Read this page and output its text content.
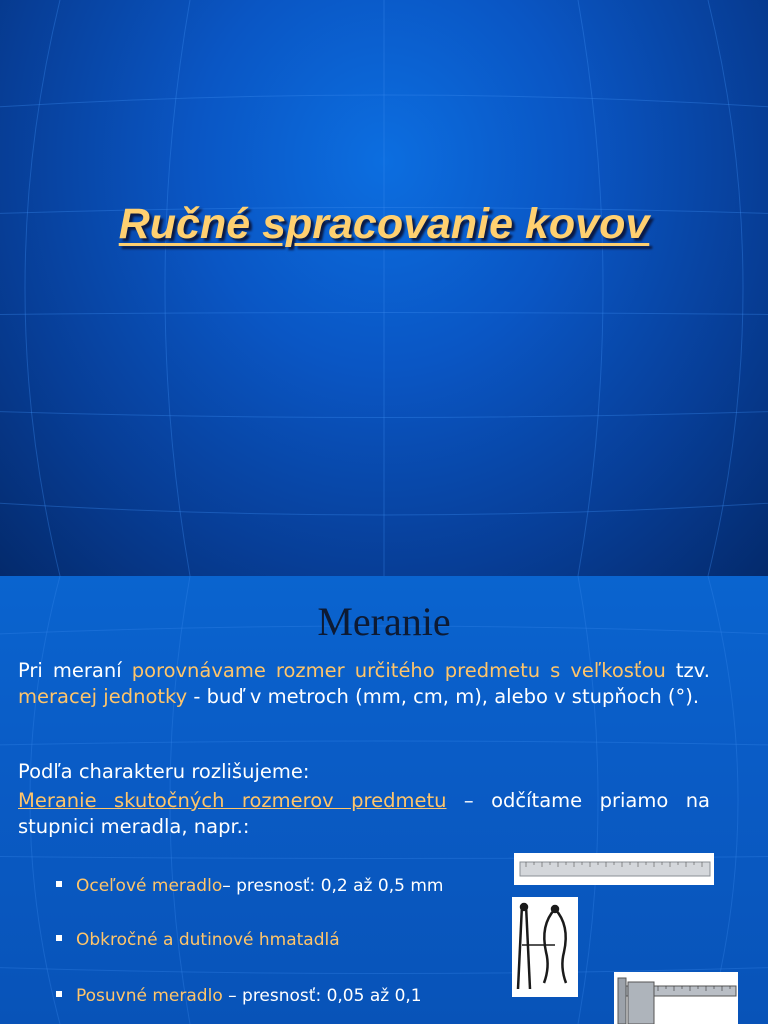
Ručné spracovanie kovov
Meranie
Pri meraní porovnávame rozmer určitého predmetu s veľkosťou tzv. meracej jednotky - buď v metroch (mm, cm, m), alebo v stupňoch (°).
Podľa charakteru rozlišujeme:
Meranie skutočných rozmerov predmetu – odčítame priamo na stupnici meradla, napr.:
Oceľové meradlo– presnosť: 0,2 až 0,5 mm
Obkročné a dutinové hmatadlá
Posuvné meradlo – presnosť: 0,05 až 0,1
